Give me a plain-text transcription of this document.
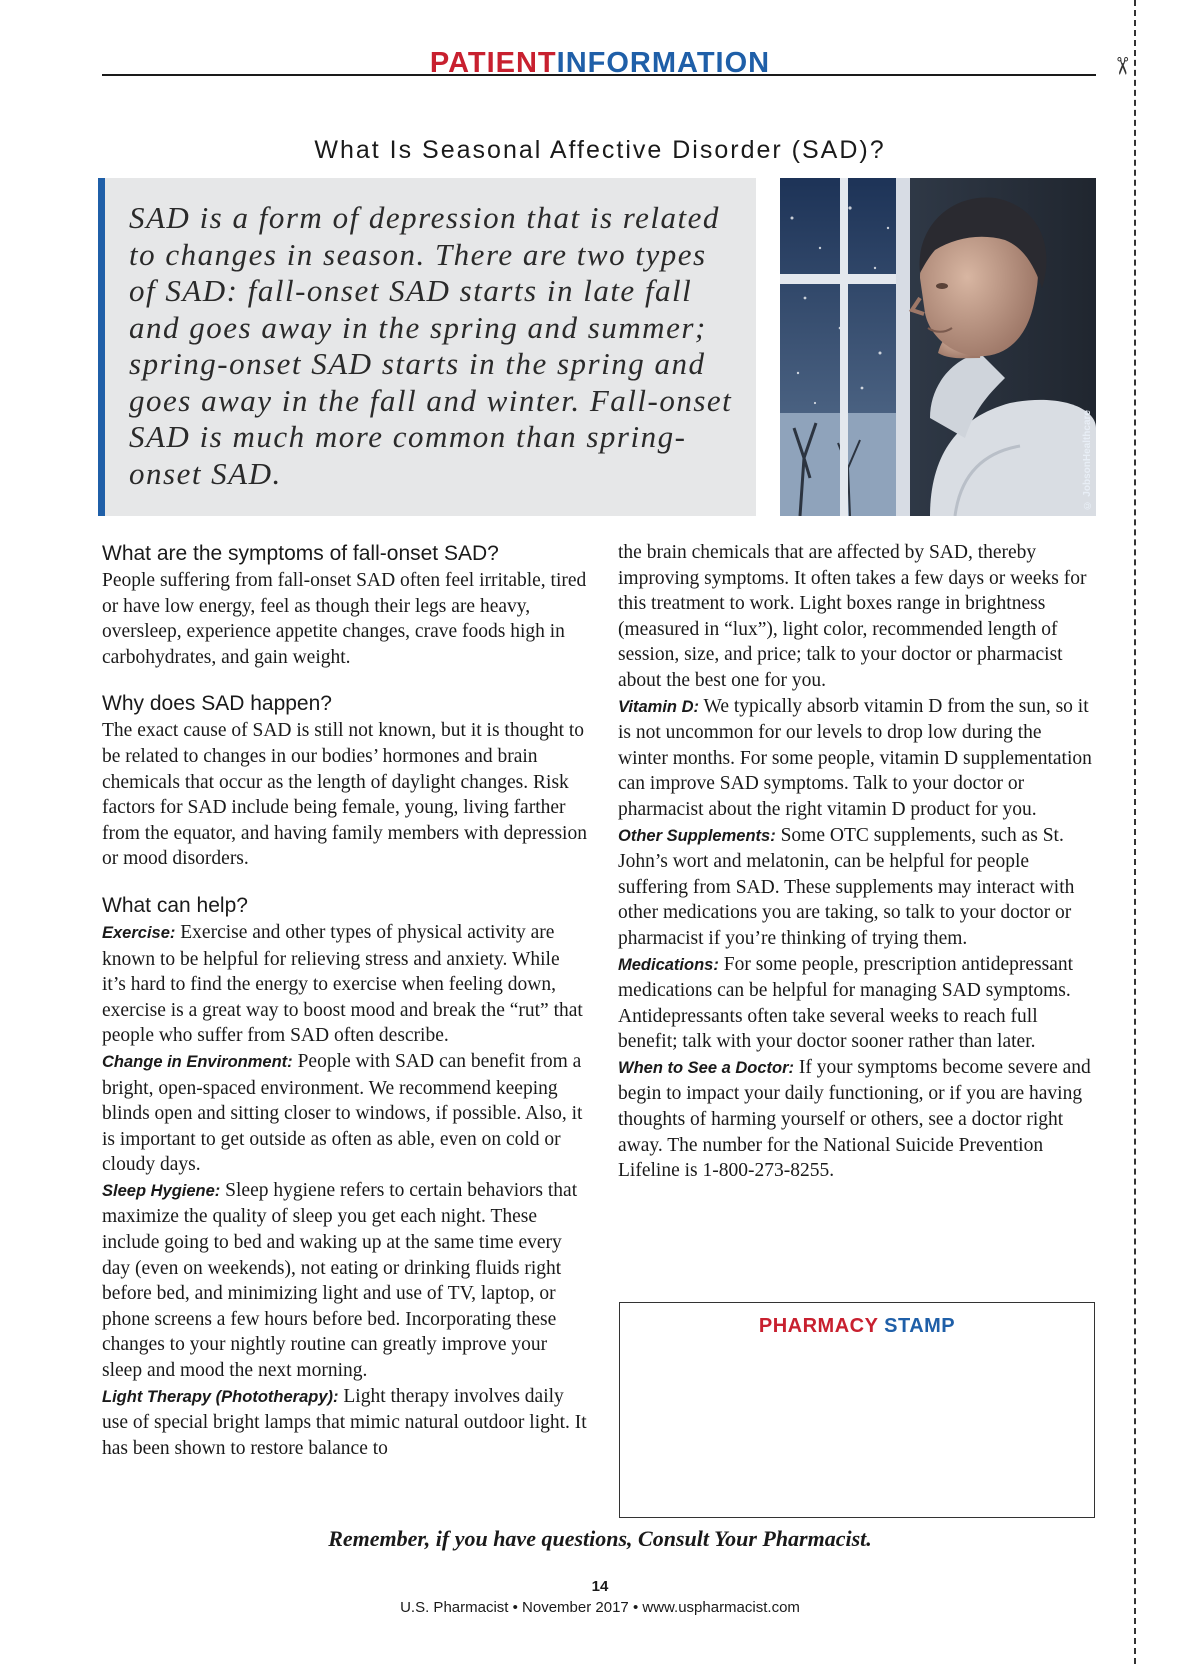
✂
PATIENTINFORMATION
What Is Seasonal Affective Disorder (SAD)?

SAD is a form of depression that is related to changes in season. There are two types of SAD: fall-onset SAD starts in late fall and goes away in the spring and summer; spring-onset SAD starts in the spring and goes away in the fall and winter. Fall-onset SAD is much more common than spring-onset SAD.	© JobsonHealthcare
What are the symptoms of fall-onset SAD?

People suffering from fall-onset SAD often feel irritable, tired or have low energy, feel as though their legs are heavy, oversleep, experience appetite changes, crave foods high in carbohydrates, and gain weight.

Why does SAD happen?

The exact cause of SAD is still not known, but it is thought to be related to changes in our bodies’ hormones and brain chemicals that occur as the length of daylight changes. Risk factors for SAD include being female, young, living farther from the equator, and having family members with depression or mood disorders.

What can help?

Exercise: Exercise and other types of physical activity are known to be helpful for relieving stress and anxiety. While it’s hard to find the energy to exercise when feeling down, exercise is a great way to boost mood and break the “rut” that people who suffer from SAD often describe.

Change in Environment: People with SAD can benefit from a bright, open-spaced environment. We recommend keeping blinds open and sitting closer to windows, if possible. Also, it is important to get outside as often as able, even on cold or cloudy days.

Sleep Hygiene: Sleep hygiene refers to certain behaviors that maximize the quality of sleep you get each night. These include going to bed and waking up at the same time every day (even on weekends), not eating or drinking fluids right before bed, and minimizing light and use of TV, laptop, or phone screens a few hours before bed. Incorporating these changes to your nightly routine can greatly improve your sleep and mood the next morning.

Light Therapy (Phototherapy): Light therapy involves daily use of special bright lamps that mimic natural outdoor light. It has been shown to restore balance to

the brain chemicals that are affected by SAD, thereby improving symptoms. It often takes a few days or weeks for this treatment to work. Light boxes range in brightness (measured in “lux”), light color, recommended length of session, size, and price; talk to your doctor or pharmacist about the best one for you.

Vitamin D: We typically absorb vitamin D from the sun, so it is not uncommon for our levels to drop low during the winter months. For some people, vitamin D supplementation can improve SAD symptoms. Talk to your doctor or pharmacist about the right vitamin D product for you.

Other Supplements: Some OTC supplements, such as St. John’s wort and melatonin, can be helpful for people suffering from SAD. These supplements may interact with other medications you are taking, so talk to your doctor or pharmacist if you’re thinking of trying them.

Medications: For some people, prescription antidepressant medications can be helpful for managing SAD symptoms. Antidepressants often take several weeks to reach full benefit; talk with your doctor sooner rather than later.

When to See a Doctor: If your symptoms become severe and begin to impact your daily functioning, or if you are having thoughts of harming yourself or others, see a doctor right away. The number for the National Suicide Prevention Lifeline is 1-800-273-8255.

PHARMACY STAMP
Remember, if you have questions, Consult Your Pharmacist.
14
U.S. Pharmacist • November 2017 • www.uspharmacist.com
